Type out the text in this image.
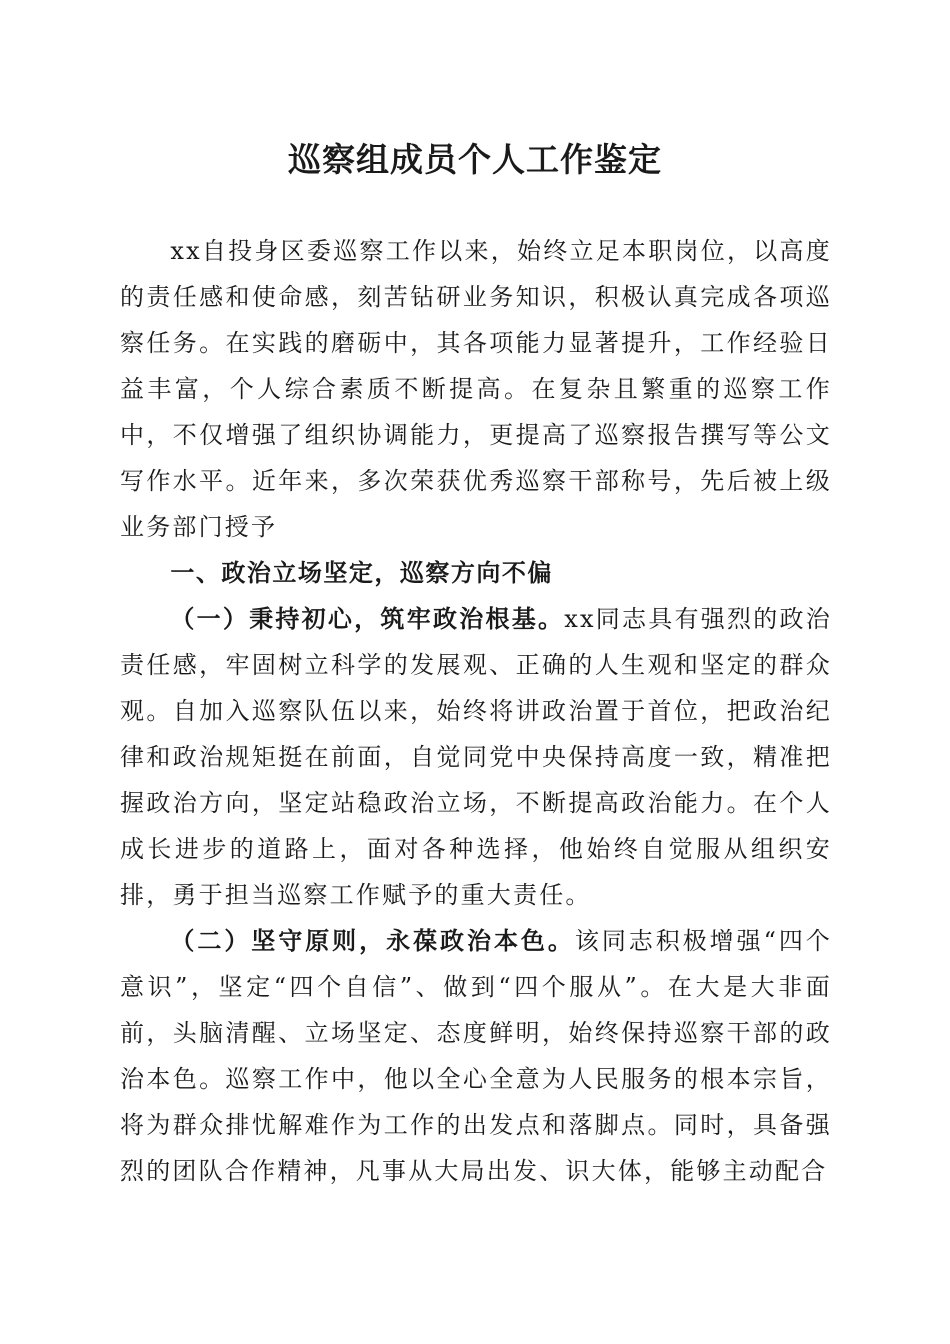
巡察组成员个人工作鉴定

xx自投身区委巡察工作以来，始终立足本职岗位，以高度的责任感和使命感，刻苦钻研业务知识，积极认真完成各项巡察任务。在实践的磨砺中，其各项能力显著提升，工作经验日益丰富，个人综合素质不断提高。在复杂且繁重的巡察工作中，不仅增强了组织协调能力，更提高了巡察报告撰写等公文写作水平。近年来，多次荣获优秀巡察干部称号，先后被上级业务部门授予

一、政治立场坚定，巡察方向不偏

（一）秉持初心，筑牢政治根基。xx同志具有强烈的政治责任感，牢固树立科学的发展观、正确的人生观和坚定的群众观。自加入巡察队伍以来，始终将讲政治置于首位，把政治纪律和政治规矩挺在前面，自觉同党中央保持高度一致，精准把握政治方向，坚定站稳政治立场，不断提高政治能力。在个人成长进步的道路上，面对各种选择，他始终自觉服从组织安排，勇于担当巡察工作赋予的重大责任。

（二）坚守原则，永葆政治本色。该同志积极增强“四个意识”，坚定“四个自信”、做到“四个服从”。在大是大非面前，头脑清醒、立场坚定、态度鲜明，始终保持巡察干部的政治本色。巡察工作中，他以全心全意为人民服务的根本宗旨，将为群众排忧解难作为工作的出发点和落脚点。同时，具备强烈的团队合作精神，凡事从大局出发、识大体，能够主动配合
